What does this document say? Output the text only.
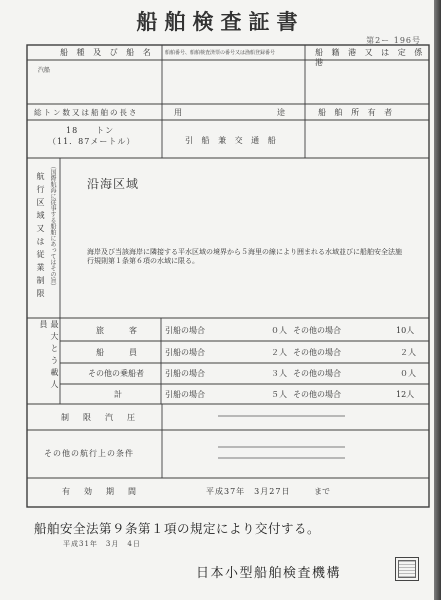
船舶検査証書
第2ー 196号
船 種 及 び 船 名 船舶番号、船舶検査済票の番号又は漁船登録番号	船 籍 港 又 は 定 係 港
汽船
総トン数又は船舶の長さ	用	途	船 舶 所 有 者
18　　トン
（11．87メートル）	引 船 兼 交 通 船
航行区域又は従業制限 （国際航海に従事する船舶にあってはその旨）	沿海区域
海岸及び当該海岸に隣接する平水区域の境界から５海里の線により囲まれる水域並びに船舶安全法施行規則第１条第６項の水域に限る。
最大とう載人員	旅　　客	引船の場合	０人 その他の場合	10人
船　　員	引船の場合	２人 その他の場合	２人
その他の乗船者	引船の場合	３人 その他の場合	０人
計	引船の場合	５人 その他の場合	12人
制　限　汽　圧
その他の航行上の条件
有　効　期　間	平成37年　3月27日	まで
船舶安全法第９条第１項の規定により交付する。
平成31年　3月　4日
日本小型船舶検査機構
